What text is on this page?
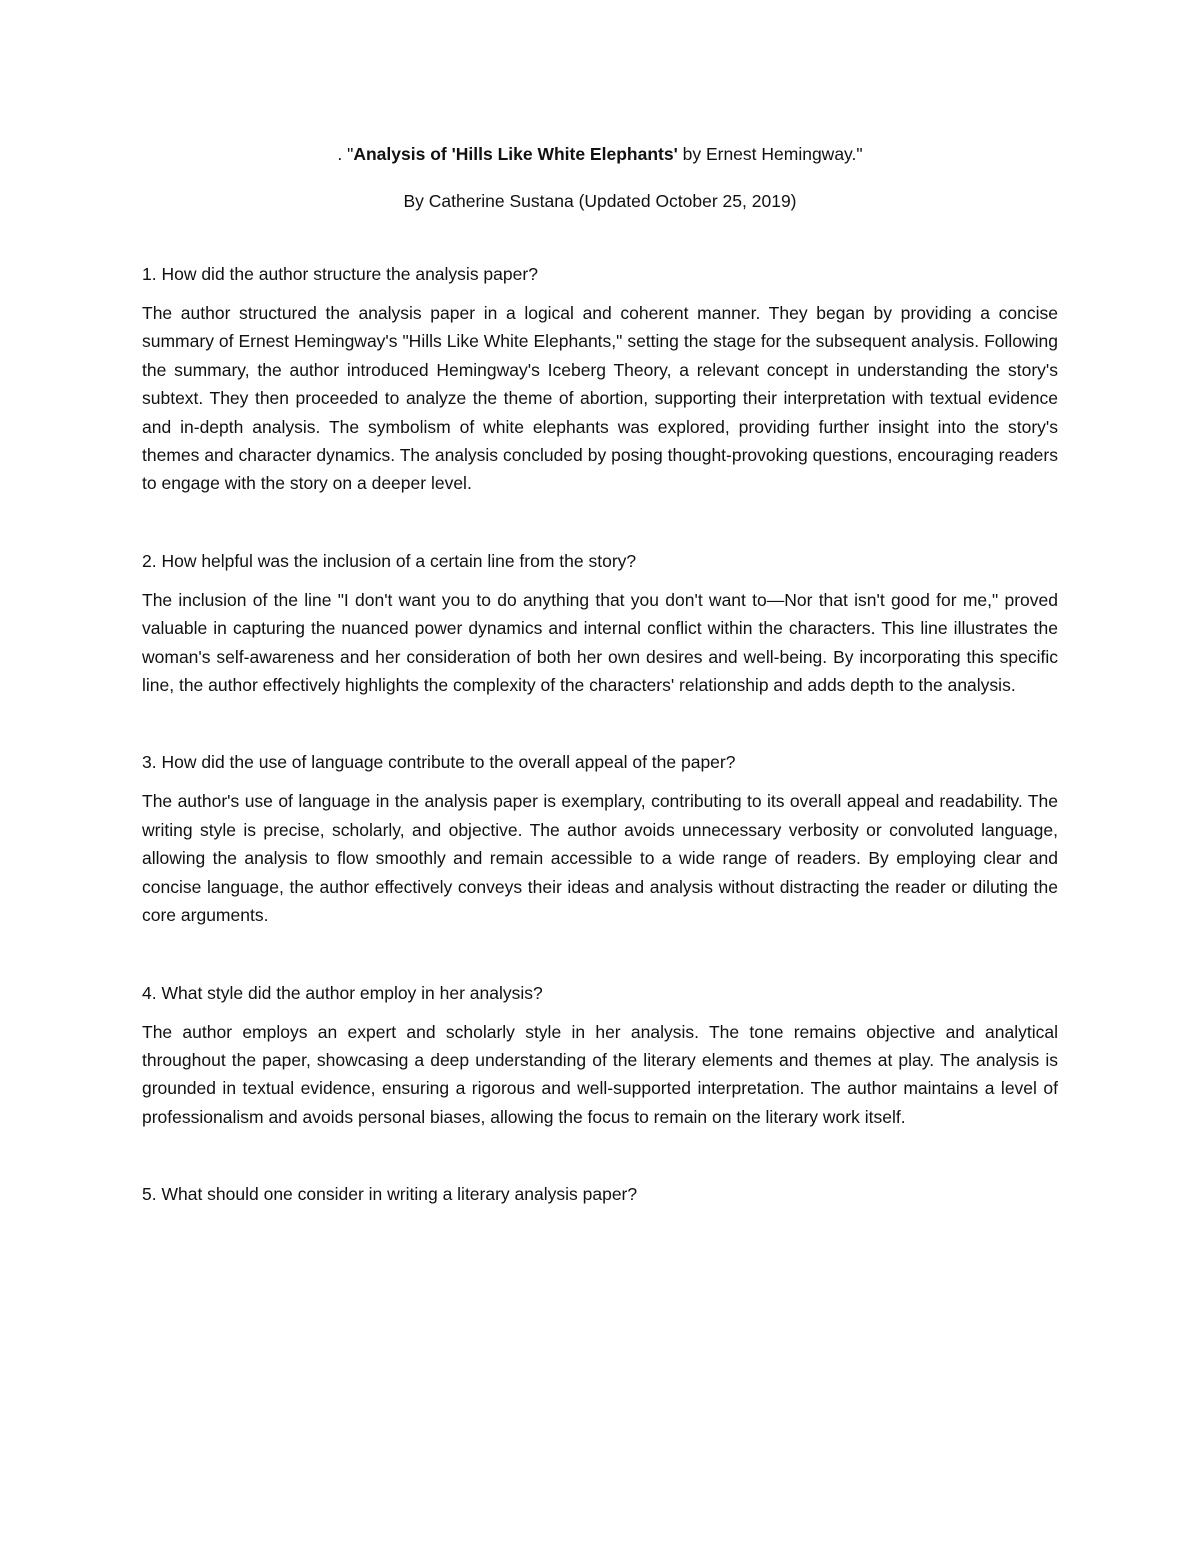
. "Analysis of 'Hills Like White Elephants' by Ernest Hemingway."

By Catherine Sustana (Updated October 25, 2019)

1. How did the author structure the analysis paper?

The author structured the analysis paper in a logical and coherent manner. They began by providing a concise summary of Ernest Hemingway's "Hills Like White Elephants," setting the stage for the subsequent analysis. Following the summary, the author introduced Hemingway's Iceberg Theory, a relevant concept in understanding the story's subtext. They then proceeded to analyze the theme of abortion, supporting their interpretation with textual evidence and in-depth analysis. The symbolism of white elephants was explored, providing further insight into the story's themes and character dynamics. The analysis concluded by posing thought-provoking questions, encouraging readers to engage with the story on a deeper level.

2. How helpful was the inclusion of a certain line from the story?

The inclusion of the line "I don't want you to do anything that you don't want to—Nor that isn't good for me," proved valuable in capturing the nuanced power dynamics and internal conflict within the characters. This line illustrates the woman's self-awareness and her consideration of both her own desires and well-being. By incorporating this specific line, the author effectively highlights the complexity of the characters' relationship and adds depth to the analysis.

3. How did the use of language contribute to the overall appeal of the paper?

The author's use of language in the analysis paper is exemplary, contributing to its overall appeal and readability. The writing style is precise, scholarly, and objective. The author avoids unnecessary verbosity or convoluted language, allowing the analysis to flow smoothly and remain accessible to a wide range of readers. By employing clear and concise language, the author effectively conveys their ideas and analysis without distracting the reader or diluting the core arguments.

4. What style did the author employ in her analysis?

The author employs an expert and scholarly style in her analysis. The tone remains objective and analytical throughout the paper, showcasing a deep understanding of the literary elements and themes at play. The analysis is grounded in textual evidence, ensuring a rigorous and well-supported interpretation. The author maintains a level of professionalism and avoids personal biases, allowing the focus to remain on the literary work itself.

5. What should one consider in writing a literary analysis paper?
